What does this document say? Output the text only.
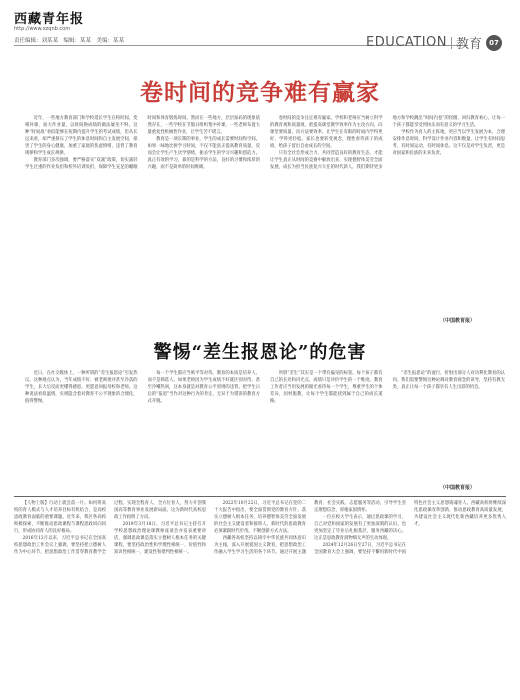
西藏青年报
http://www.xzqnb.com
责任编辑：刘某某　编辑：某某　美编：某某	EDUCATION 教育	07
卷时间的竞争难有赢家

近年，一些地方教育部门和学校延长学生在校时间，变相补课、加大作业量，以时间换成绩的做法屡见不鲜。这种“时间战”看似能够在短期内提升学生的考试成绩，但从长远来看，却严重挤压了学生的休息时间和自主发展空间，损害了学生的身心健康，加重了家庭的焦虑情绪，违背了教育规律和学生成长规律。

教育部门多次强调，要严格落实“双减”政策，切实减轻学生过重的作业负担和校外培训负担，保障学生充足的睡眠时间和体育锻炼时间。然而在一些地方，层层加码的现象依然存在，一些学校在节假日组织集中补课，一些老师布置大量重复性机械性作业，让学生苦不堪言。

教育是一项长期的事业，学生的成长需要时间和空间。如果一味地比拼学习时间，不仅不能真正提高教育质量，反而会让学生产生厌学情绪，扼杀学生的学习兴趣和创造力。真正有效的学习，靠的是科学的方法、良好的习惯和浓厚的兴趣，而不是简单的时间堆砌。

卷时间的竞争注定难有赢家。学校和老师应当树立科学的教育观和质量观，把提高课堂教学效率作为主攻方向，向课堂要质量，向方法要效率，让学生在有限的时间内学得更好、学得更轻松。家长也要转变观念，理性看待孩子的成绩，给孩子留出自由成长的空间。

只有全社会形成合力，共同营造良好的教育生态，才能让学生真正从时间的竞赛中解放出来，实现德智体美劳全面发展，成长为担当民族复兴大任的时代新人。我们期待更多地方和学校跳出“时间内卷”的怪圈，回归教育初心，让每一个孩子都能享受到快乐而有意义的学习生活。

学校作为育人的主阵地，更应当以学生发展为本，合理安排作息时间，科学设计作业内容和数量，让学生有时间思考、有时间运动、有时间休息。这不仅是对学生负责，更是对国家和民族的未来负责。

（中国教育报）
警惕“差生报恩论”的危害

近日，在社交媒体上，一种所谓的“差生报恩论”引发热议。这种观点认为，当年成绩不好、被老师批评甚至冷落的学生，长大后反而更懂得感恩，更愿意回报母校和老师。这种说法看似温情，实则隐含着对教育不公平现象的合理化，值得警惕。

每一个学生都应当被平等对待。教育的本质是培养人，而不是筛选人。如果老师因为学生成绩不好就区别对待，甚至冷嘲热讽，这本身就是对教育公平原则的违背。把学生日后的“报恩”当作对这种行为的肯定，无异于为错误的教育方式开脱。

所谓“差生”其实是一个带有偏见的标签。每个孩子都有自己的长处和闪光点，成绩只是评价学生的一个维度。教育工作者应当用发展的眼光看待每一个学生，尊重学生的个体差异，因材施教，让每个学生都能找到属于自己的成长道路。

“差生报恩论”的流行，折射出部分人对功利化教育的认同。我们需要警惕这种论调对教育观念的误导，坚持有教无类，真正让每一个孩子都享有人生出彩的机会。

（中国教育报）

【人物上版】行动上就会落一片。如何将高校的育人模式与人才培养目标有机结合，是高校思政教育面临的重要课题。近年来，我区各高校积极探索，不断推动思政课程与课程思政同向同行，形成协同育人的良好格局。

2016年12月以来，习近平总书记在全国高校思想政治工作会议上强调，要坚持把立德树人作为中心环节，把思想政治工作贯穿教育教学全过程，实现全程育人、全方位育人，努力开创我国高等教育事业发展新局面。这为新时代高校思政工作指明了方向。

2019年3月18日，习近平总书记主持召开学校思想政治理论课教师座谈会并发表重要讲话，强调思政课是落实立德树人根本任务的关键课程，要坚持政治性和学理性相统一、价值性和知识性相统一、建设性和批判性相统一。

2022年10月22日，习近平总书记在党的二十大报告中指出，要全面贯彻党的教育方针，落实立德树人根本任务，培养德智体美劳全面发展的社会主义建设者和接班人。新时代的思政教育必须紧跟时代步伐，不断创新方式方法。

西藏各高校坚持以铸牢中华民族共同体意识为主线，深入开展爱国主义教育，把思想政治工作融入学生学习生活的各个环节。通过开展主题教育、社会实践、志愿服务等活动，引导学生坚定理想信念，厚植家国情怀。

一位在校大学生表示，通过思政课的学习，自己对党和国家的发展有了更加深刻的认识，也更加坚定了毕业后扎根基层、服务西藏的决心。这正是思政教育润物细无声的生动体现。

2024年12月26日至27日，习近平总书记在全国教育大会上强调，要坚持不懈用新时代中国特色社会主义思想铸魂育人。西藏高校将继续深化思政课改革创新，推动思政教育高质量发展，为建设社会主义现代化新西藏培养更多优秀人才。
